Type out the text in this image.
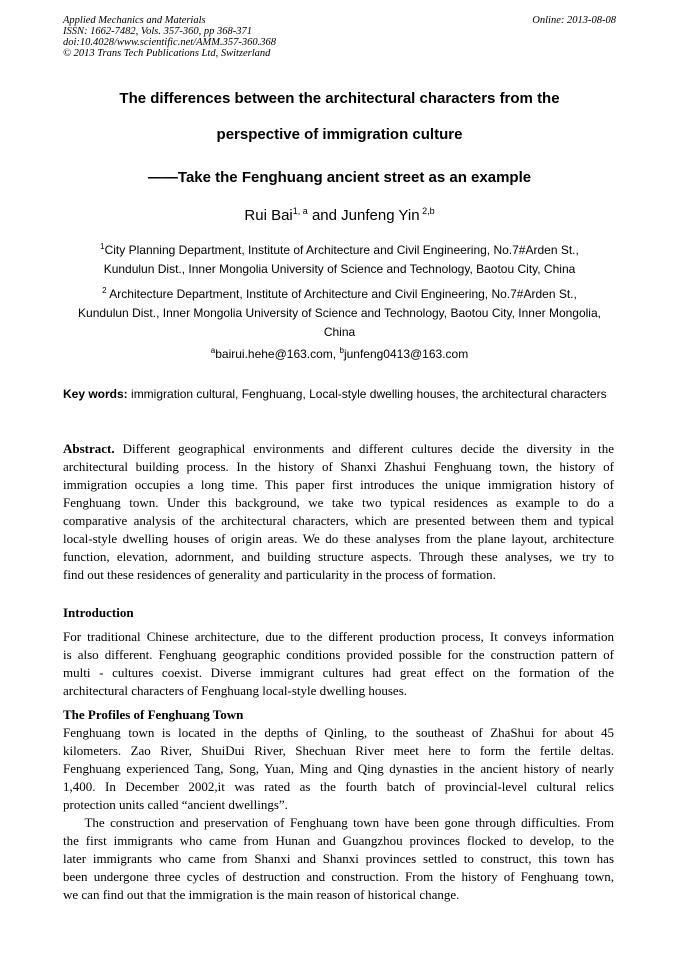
Applied Mechanics and Materials
ISSN: 1662-7482, Vols. 357-360, pp 368-371
doi:10.4028/www.scientific.net/AMM.357-360.368
© 2013 Trans Tech Publications Ltd, Switzerland
Online: 2013-08-08
The differences between the architectural characters from the
perspective of immigration culture
——Take the Fenghuang ancient street as an example
Rui Bai$^{1, a}$ and Junfeng Yin $^{2,b}$
$^1$City Planning Department, Institute of Architecture and Civil Engineering, No.7#Arden St.,
Kundulun Dist., Inner Mongolia University of Science and Technology, Baotou City, China
$^2$ Architecture Department, Institute of Architecture and Civil Engineering, No.7#Arden St.,
Kundulun Dist., Inner Mongolia University of Science and Technology, Baotou City, Inner Mongolia,
China
$^a$bairui.hehe@163.com, $^b$junfeng0413@163.com
Key words: immigration cultural, Fenghuang, Local-style dwelling houses, the architectural characters
Abstract. Different geographical environments and different cultures decide the diversity in the
architectural building process. In the history of Shanxi Zhashui Fenghuang town, the history of
immigration occupies a long time. This paper first introduces the unique immigration history of
Fenghuang town. Under this background, we take two typical residences as example to do a
comparative analysis of the architectural characters, which are presented between them and typical
local-style dwelling houses of origin areas. We do these analyses from the plane layout, architecture
function, elevation, adornment, and building structure aspects. Through these analyses, we try to
find out these residences of generality and particularity in the process of formation.
Introduction
For traditional Chinese architecture, due to the different production process, It conveys information
is also different. Fenghuang geographic conditions provided possible for the construction pattern of
multi - cultures coexist. Diverse immigrant cultures had great effect on the formation of the
architectural characters of Fenghuang local-style dwelling houses.
The Profiles of Fenghuang Town
Fenghuang town is located in the depths of Qinling, to the southeast of ZhaShui for about 45
kilometers. Zao River, ShuiDui River, Shechuan River meet here to form the fertile deltas.
Fenghuang experienced Tang, Song, Yuan, Ming and Qing dynasties in the ancient history of nearly
1,400. In December 2002,it was rated as the fourth batch of provincial-level cultural relics
protection units called “ancient dwellings”.
The construction and preservation of Fenghuang town have been gone through difficulties. From
the first immigrants who came from Hunan and Guangzhou provinces flocked to develop, to the
later immigrants who came from Shanxi and Shanxi provinces settled to construct, this town has
been undergone three cycles of destruction and construction. From the history of Fenghuang town,
we can find out that the immigration is the main reason of historical change.
